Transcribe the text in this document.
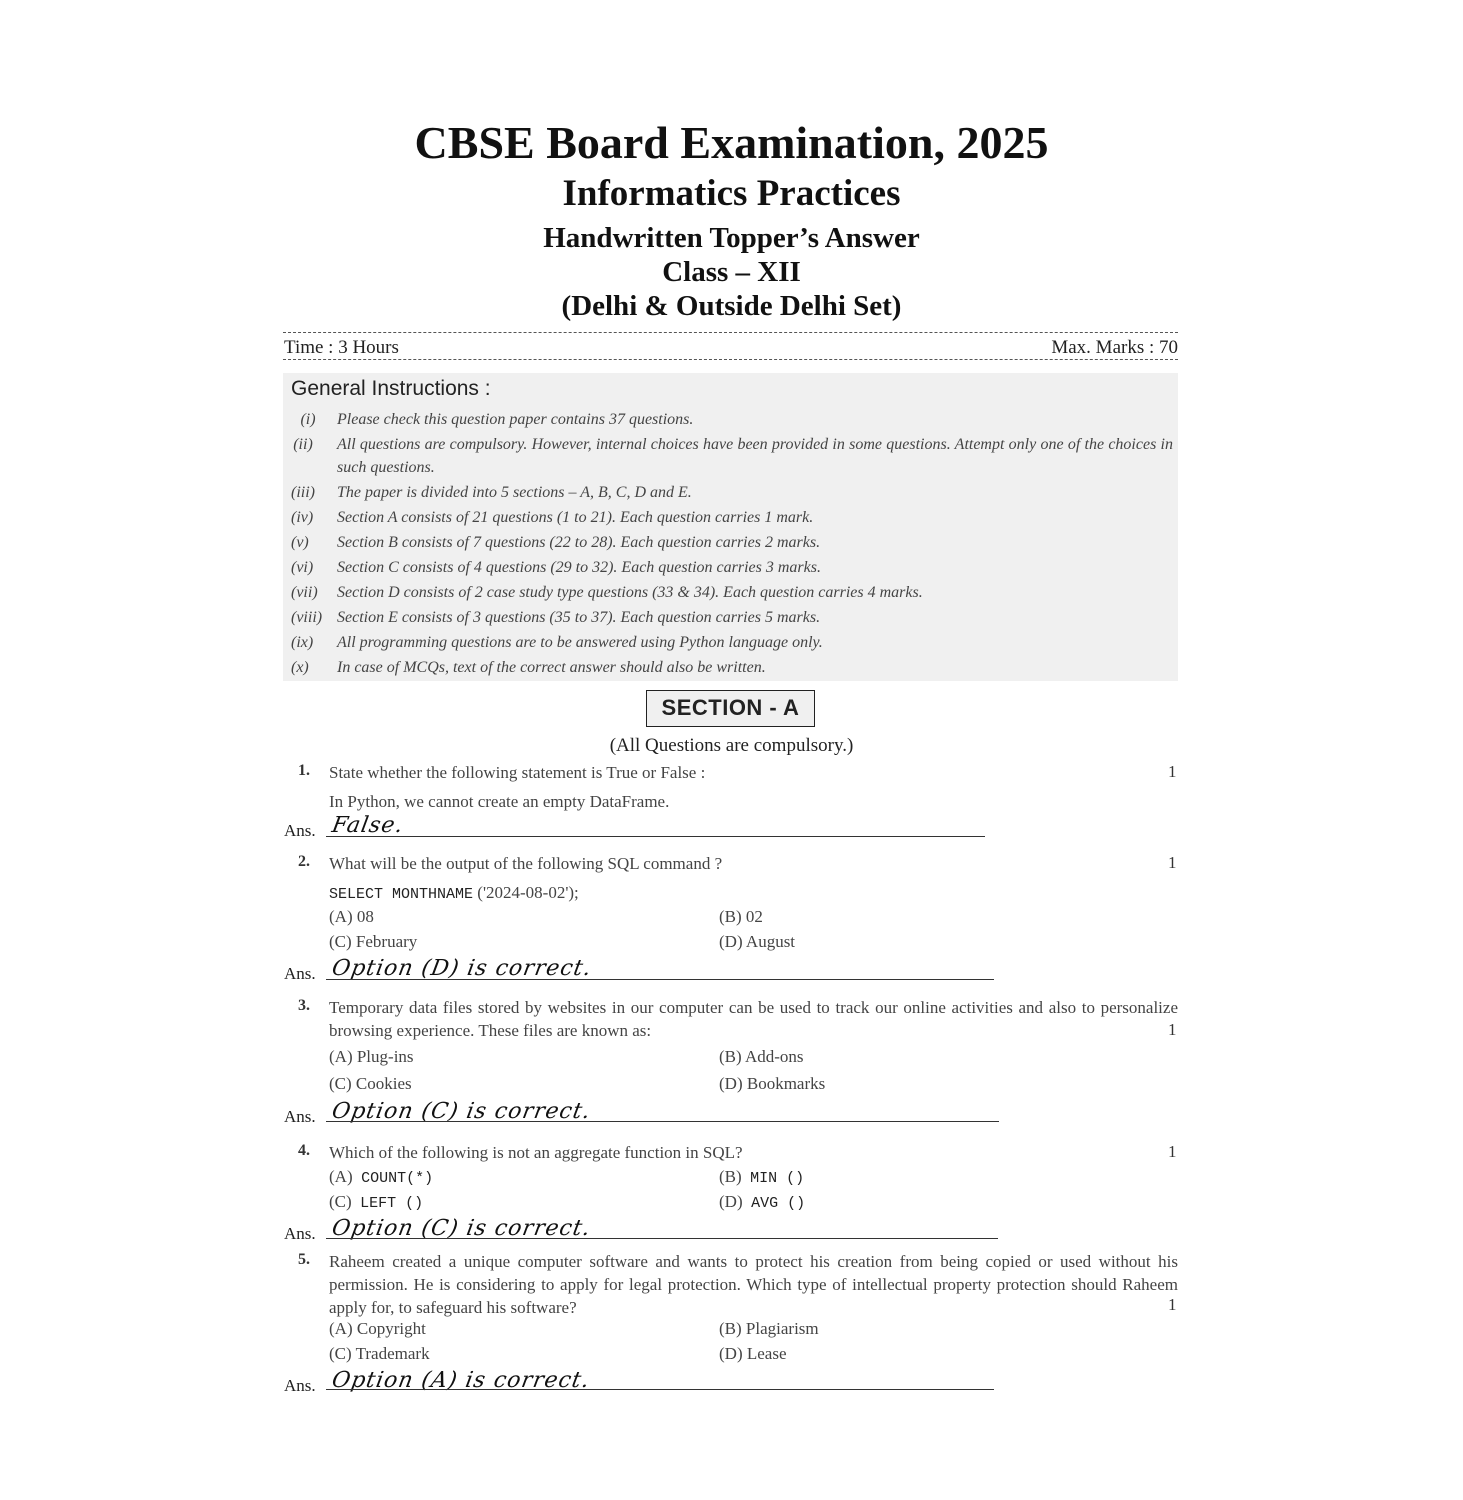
CBSE Board Examination, 2025
Informatics Practices
Handwritten Topper’s Answer
Class – XII
(Delhi & Outside Delhi Set)
Time : 3 Hours	Max. Marks : 70
General Instructions :
(i)	Please check this question paper contains 37 questions.
(ii)	All questions are compulsory. However, internal choices have been provided in some questions. Attempt only one of the choices in such questions.
(iii)	The paper is divided into 5 sections – A, B, C, D and E.
(iv)	Section A consists of 21 questions (1 to 21). Each question carries 1 mark.
(v)	Section B consists of 7 questions (22 to 28). Each question carries 2 marks.
(vi)	Section C consists of 4 questions (29 to 32). Each question carries 3 marks.
(vii)	Section D consists of 2 case study type questions (33 & 34). Each question carries 4 marks.
(viii) Section E consists of 3 questions (35 to 37). Each question carries 5 marks.
(ix)	All programming questions are to be answered using Python language only.
(x)	In case of MCQs, text of the correct answer should also be written.
SECTION - A
(All Questions are compulsory.)
1. State whether the following statement is True or False :	1
In Python, we cannot create an empty DataFrame.
Ans. False.
2. What will be the output of the following SQL command ?	1
SELECT MONTHNAME ('2024-08-02');
(A) 08	(B) 02
(C) February	(D) August
Ans. Option (D) is correct.
3. Temporary data files stored by websites in our computer can be used to track our online activities and also to personalize browsing experience. These files are known as:	1
(A) Plug-ins	(B) Add-ons
(C) Cookies	(D) Bookmarks
Ans. Option (C) is correct.
4. Which of the following is not an aggregate function in SQL?	1
(A) COUNT(*)	(B) MIN ()
(C) LEFT ()	(D) AVG ()
Ans. Option (C) is correct.
5. Raheem created a unique computer software and wants to protect his creation from being copied or used without his permission. He is considering to apply for legal protection. Which type of intellectual property protection should Raheem apply for, to safeguard his software?	1
(A) Copyright	(B) Plagiarism
(C) Trademark	(D) Lease
Ans. Option (A) is correct.
